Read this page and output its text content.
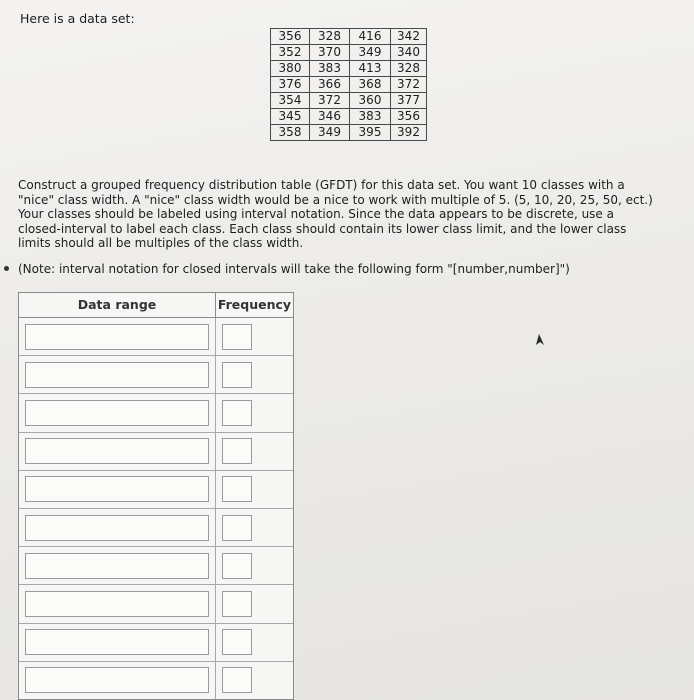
Here is a data set:
356	328	416	342
352	370	349	340
380	383	413	328
376	366	368	372
354	372	360	377
345	346	383	356
358	349	395	392
Construct a grouped frequency distribution table (GFDT) for this data set. You want 10 classes with a "nice" class width. A "nice" class width would be a nice to work with multiple of 5. (5, 10, 20, 25, 50, ect.) Your classes should be labeled using interval notation. Since the data appears to be discrete, use a closed-interval to label each class. Each class should contain its lower class limit, and the lower class limits should all be multiples of the class width.
(Note: interval notation for closed intervals will take the following form "[number,number]")
Data range	Frequency
